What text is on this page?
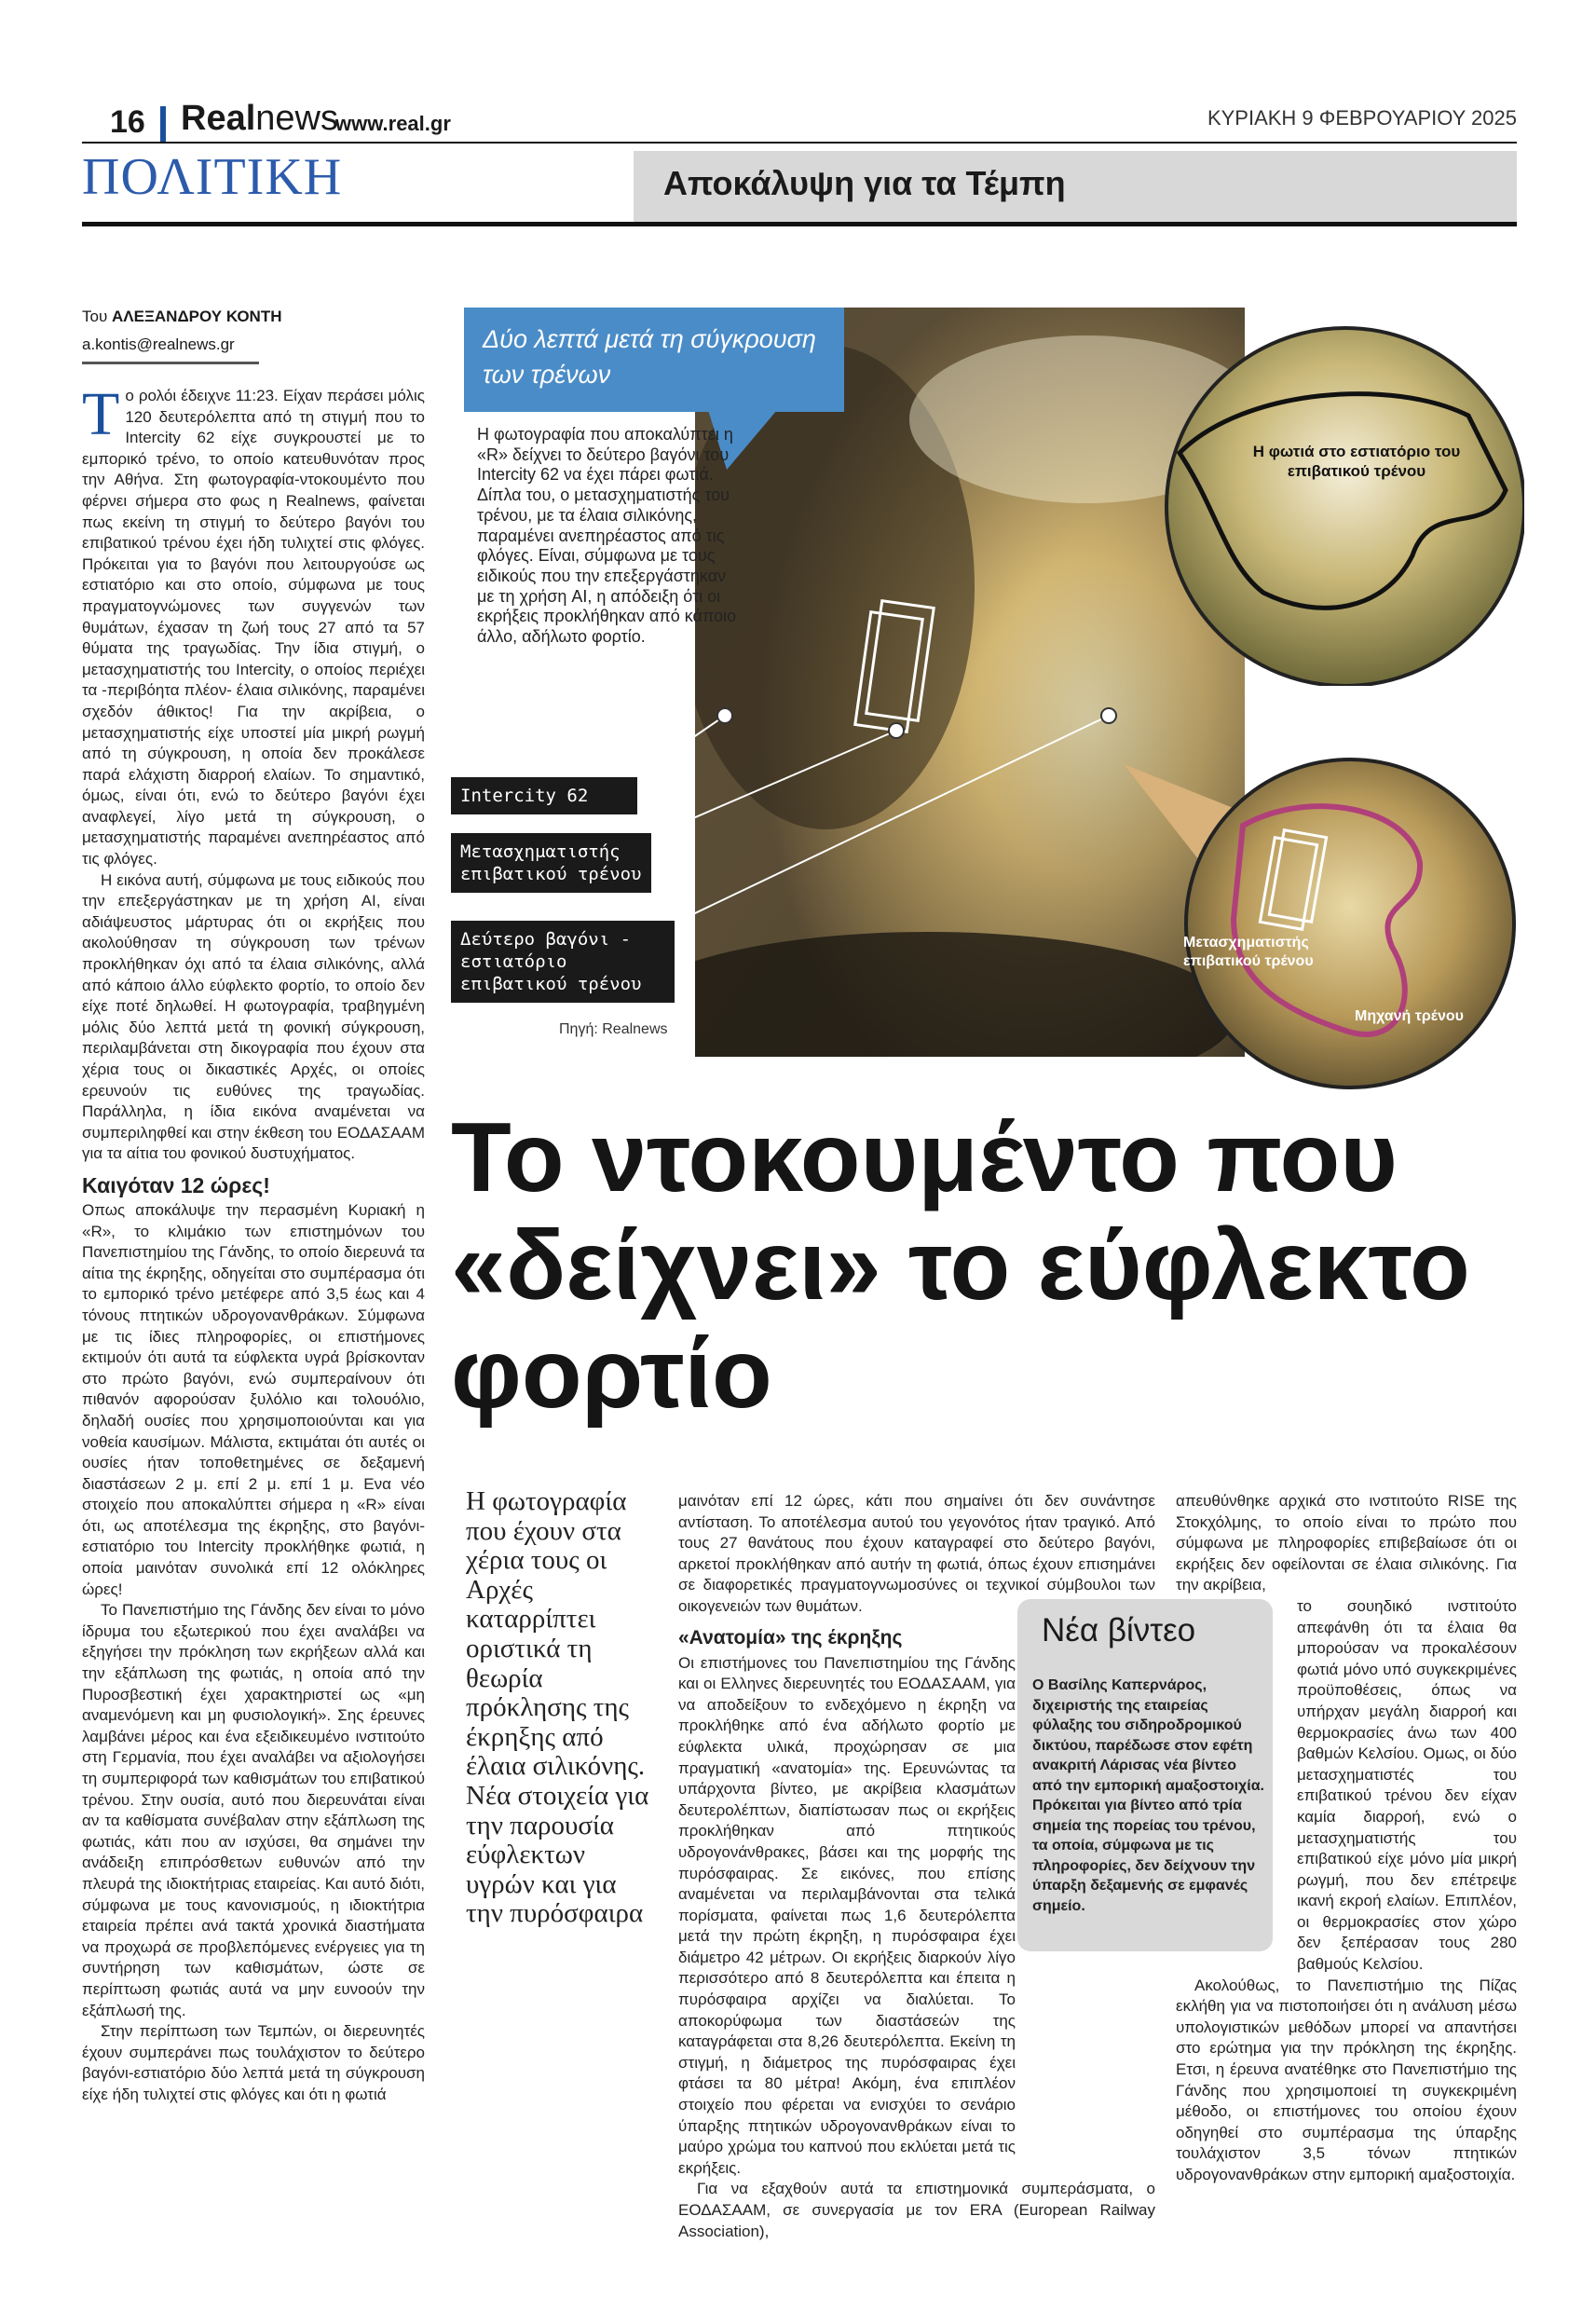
16 Realnews
www.real.gr	ΚΥΡΙΑΚΗ 9 ΦΕΒΡΟΥΑΡΙΟΥ 2025
ΠΟΛΙΤΙΚΗ	Αποκάλυψη για τα Τέμπη
Του ΑΛΕΞΑΝΔΡΟΥ ΚΟΝΤΗ
a.kontis@realnews.gr

Το ρολόι έδειχνε 11:23. Είχαν περάσει μόλις 120 δευτερόλεπτα από τη στιγμή που το Intercity 62 είχε συγκρουστεί με το εμπορικό τρένο, το οποίο κατευθυνόταν προς την Αθήνα. Στη φωτογραφία-ντοκουμέντο που φέρνει σήμερα στο φως η Realnews, φαίνεται πως εκείνη τη στιγμή το δεύτερο βαγόνι του επιβατικού τρένου έχει ήδη τυλιχτεί στις φλόγες. Πρόκειται για το βαγόνι που λειτουργούσε ως εστιατόριο και στο οποίο, σύμφωνα με τους πραγματογνώμονες των συγγενών των θυμάτων, έχασαν τη ζωή τους 27 από τα 57 θύματα της τραγωδίας. Την ίδια στιγμή, ο μετασχηματιστής του Intercity, ο οποίος περιέχει τα -περιβόητα πλέον- έλαια σιλικόνης, παραμένει σχεδόν άθικτος! Για την ακρίβεια, ο μετασχηματιστής είχε υποστεί μία μικρή ρωγμή από τη σύγκρουση, η οποία δεν προκάλεσε παρά ελάχιστη διαρροή ελαίων. Το σημαντικό, όμως, είναι ότι, ενώ το δεύτερο βαγόνι έχει αναφλεγεί, λίγο μετά τη σύγκρουση, ο μετασχηματιστής παραμένει ανεπηρέαστος από τις φλόγες.

Η εικόνα αυτή, σύμφωνα με τους ειδικούς που την επεξεργάστηκαν με τη χρήση AI, είναι αδιάψευστος μάρτυρας ότι οι εκρήξεις που ακολούθησαν τη σύγκρουση των τρένων προκλήθηκαν όχι από τα έλαια σιλικόνης, αλλά από κάποιο άλλο εύφλεκτο φορτίο, το οποίο δεν είχε ποτέ δηλωθεί. Η φωτογραφία, τραβηγμένη μόλις δύο λεπτά μετά τη φονική σύγκρουση, περιλαμβάνεται στη δικογραφία που έχουν στα χέρια τους οι δικαστικές Αρχές, οι οποίες ερευνούν τις ευθύνες της τραγωδίας. Παράλληλα, η ίδια εικόνα αναμένεται να συμπεριληφθεί και στην έκθεση του ΕΟΔΑΣΑΑΜ για τα αίτια του φονικού δυστυχήματος.

Καιγόταν 12 ώρες!

Οπως αποκάλυψε την περασμένη Κυριακή η «R», το κλιμάκιο των επιστημόνων του Πανεπιστημίου της Γάνδης, το οποίο διερευνά τα αίτια της έκρηξης, οδηγείται στο συμπέρασμα ότι το εμπορικό τρένο μετέφερε από 3,5 έως και 4 τόνους πτητικών υδρογονανθράκων. Σύμφωνα με τις ίδιες πληροφορίες, οι επιστήμονες εκτιμούν ότι αυτά τα εύφλεκτα υγρά βρίσκονταν στο πρώτο βαγόνι, ενώ συμπεραίνουν ότι πιθανόν αφορούσαν ξυλόλιο και τολουόλιο, δηλαδή ουσίες που χρησιμοποιούνται και για νοθεία καυσίμων. Μάλιστα, εκτιμάται ότι αυτές οι ουσίες ήταν τοποθετημένες σε δεξαμενή διαστάσεων 2 μ. επί 2 μ. επί 1 μ. Ενα νέο στοιχείο που αποκαλύπτει σήμερα η «R» είναι ότι, ως αποτέλεσμα της έκρηξης, στο βαγόνι-εστιατόριο του Intercity προκλήθηκε φωτιά, η οποία μαινόταν συνολικά επί 12 ολόκληρες ώρες!

Το Πανεπιστήμιο της Γάνδης δεν είναι το μόνο ίδρυμα του εξωτερικού που έχει αναλάβει να εξηγήσει την πρόκληση των εκρήξεων αλλά και την εξάπλωση της φωτιάς, η οποία από την Πυροσβεστική έχει χαρακτηριστεί ως «μη αναμενόμενη και μη φυσιολογική». Σης έρευνες λαμβάνει μέρος και ένα εξειδικευμένο ινστιτούτο στη Γερμανία, που έχει αναλάβει να αξιολογήσει τη συμπεριφορά των καθισμάτων του επιβατικού τρένου. Στην ουσία, αυτό που διερευνάται είναι αν τα καθίσματα συνέβαλαν στην εξάπλωση της φωτιάς, κάτι που αν ισχύσει, θα σημάνει την ανάδειξη επιπρόσθετων ευθυνών από την πλευρά της ιδιοκτήτριας εταιρείας. Και αυτό διότι, σύμφωνα με τους κανονισμούς, η ιδιοκτήτρια εταιρεία πρέπει ανά τακτά χρονικά διαστήματα να προχωρά σε προβλεπόμενες ενέργειες για τη συντήρηση των καθισμάτων, ώστε σε περίπτωση φωτιάς αυτά να μην ευνοούν την εξάπλωσή της.

Στην περίπτωση των Τεμπών, οι διερευνητές έχουν συμπεράνει πως τουλάχιστον το δεύτερο βαγόνι-εστιατόριο δύο λεπτά μετά τη σύγκρουση είχε ήδη τυλιχτεί στις φλόγες και ότι η φωτιά

Η φωτιά στο εστιατόριο του επιβατικού τρένου
Μετασχηματιστής επιβατικού τρένου
Μηχανή τρένου
Δύο λεπτά μετά τη σύγκρουση των τρένων
Η φωτογραφία που αποκαλύπτει η «R» δείχνει το δεύτερο βαγόνι του Intercity 62 να έχει πάρει φωτιά. Δίπλα του, ο μετασχηματιστής του τρένου, με τα έλαια σιλικόνης, παραμένει ανεπηρέαστος από τις φλόγες. Είναι, σύμφωνα με τους ειδικούς που την επεξεργάστηκαν με τη χρήση AI, η απόδειξη ότι οι εκρήξεις προκλήθηκαν από κάποιο άλλο, αδήλωτο φορτίο.
Intercity 62
Μετασχηματιστής επιβατικού τρένου
Δεύτερο βαγόνι - εστιατόριο επιβατικού τρένου
Πηγή: Realnews
Το ντοκουμέντο που «δείχνει» το εύφλεκτο φορτίο
Η φωτογραφία που έχουν στα χέρια τους οι Αρχές καταρρίπτει οριστικά τη θεωρία πρόκλησης της έκρηξης από έλαια σιλικόνης. Νέα στοιχεία για την παρουσία εύφλεκτων υγρών και για την πυρόσφαιρα

μαινόταν επί 12 ώρες, κάτι που σημαίνει ότι δεν συνάντησε αντίσταση. Το αποτέλεσμα αυτού του γεγονότος ήταν τραγικό. Από τους 27 θανάτους που έχουν καταγραφεί στο δεύτερο βαγόνι, αρκετοί προκλήθηκαν από αυτήν τη φωτιά, όπως έχουν επισημάνει σε διαφορετικές πραγματογνωμοσύνες οι τεχνικοί σύμβουλοι των οικογενειών των θυμάτων.

«Ανατομία» της έκρηξης

Οι επιστήμονες του Πανεπιστημίου της Γάνδης και οι Ελληνες διερευνητές του ΕΟΔΑΣΑΑΜ, για να αποδείξουν το ενδεχόμενο η έκρηξη να προκλήθηκε από ένα αδήλωτο φορτίο με εύφλεκτα υλικά, προχώρησαν σε μια πραγματική «ανατομία» της. Ερευνώντας τα υπάρχοντα βίντεο, με ακρίβεια κλασμάτων δευτερολέπτων, διαπίστωσαν πως οι εκρήξεις προκλήθηκαν από πτητικούς υδρογονάνθρακες, βάσει και της μορφής της πυρόσφαιρας. Σε εικόνες, που επίσης αναμένεται να περιλαμβάνονται στα τελικά πορίσματα, φαίνεται πως 1,6 δευτερόλεπτα μετά την πρώτη έκρηξη, η πυρόσφαιρα έχει διάμετρο 42 μέτρων. Οι εκρήξεις διαρκούν λίγο περισσότερο από 8 δευτερόλεπτα και έπειτα η πυρόσφαιρα αρχίζει να διαλύεται. Το αποκορύφωμα των διαστάσεών της καταγράφεται στα 8,26 δευτερόλεπτα. Εκείνη τη στιγμή, η διάμετρος της πυρόσφαιρας έχει φτάσει τα 80 μέτρα! Ακόμη, ένα επιπλέον στοιχείο που φέρεται να ενισχύει το σενάριο ύπαρξης πτητικών υδρογονανθράκων είναι το μαύρο χρώμα του καπνού που εκλύεται μετά τις εκρήξεις.

Για να εξαχθούν αυτά τα επιστημονικά συμπεράσματα, ο ΕΟΔΑΣΑΑΜ, σε συνεργασία με τον ERA (European Railway Association),

Νέα βίντεο
Ο Βασίλης Καπερνάρος, διχειριστής της εταιρείας φύλαξης του σιδηροδρομικού δικτύου, παρέδωσε στον εφέτη ανακριτή Λάρισας νέα βίντεο από την εμπορική αμαξοστοιχία. Πρόκειται για βίντεο από τρία σημεία της πορείας του τρένου, τα οποία, σύμφωνα με τις πληροφορίες, δεν δείχνουν την ύπαρξη δεξαμενής σε εμφανές σημείο.

απευθύνθηκε αρχικά στο ινστιτούτο RISE της Στοκχόλμης, το οποίο είναι το πρώτο που σύμφωνα με πληροφορίες επιβεβαίωσε ότι οι εκρήξεις δεν οφείλονται σε έλαια σιλικόνης. Για την ακρίβεια,

το σουηδικό ινστιτούτο απεφάνθη ότι τα έλαια θα μπορούσαν να προκαλέσουν φωτιά μόνο υπό συγκεκριμένες προϋποθέσεις, όπως να υπήρχαν μεγάλη διαρροή και θερμοκρασίες άνω των 400 βαθμών Κελσίου. Ομως, οι δύο μετασχηματιστές του επιβατικού τρένου δεν είχαν καμία διαρροή, ενώ ο μετασχηματιστής του επιβατικού είχε μόνο μία μικρή ρωγμή, που δεν επέτρεψε ικανή εκροή ελαίων. Επιπλέον, οι θερμοκρασίες στον χώρο δεν ξεπέρασαν τους 280 βαθμούς Κελσίου.

Ακολούθως, το Πανεπιστήμιο της Πίζας εκλήθη για να πιστοποιήσει ότι η ανάλυση μέσω υπολογιστικών μεθόδων μπορεί να απαντήσει στο ερώτημα για την πρόκληση της έκρηξης. Ετσι, η έρευνα ανατέθηκε στο Πανεπιστήμιο της Γάνδης που χρησιμοποιεί τη συγκεκριμένη μέθοδο, οι επιστήμονες του οποίου έχουν οδηγηθεί στο συμπέρασμα της ύπαρξης τουλάχιστον 3,5 τόνων πτητικών υδρογονανθράκων στην εμπορική αμαξοστοιχία.
